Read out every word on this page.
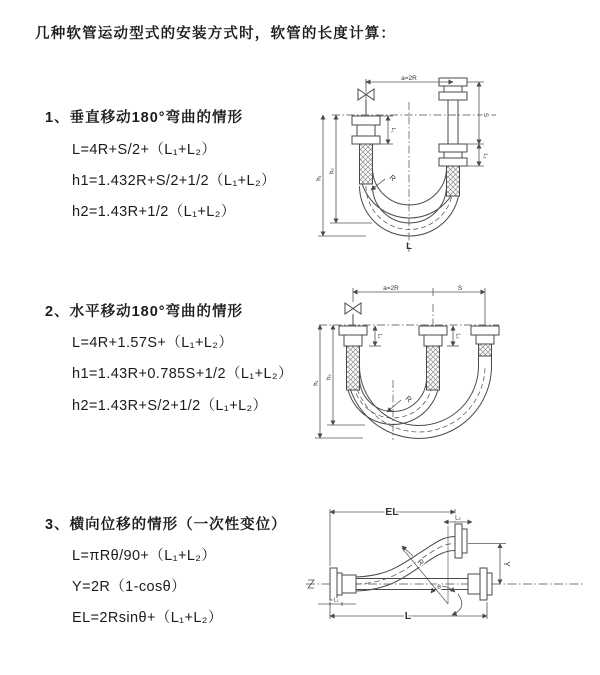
几种软管运动型式的安装方式时，软管的长度计算：
1、垂直移动180°弯曲的情形
L=4R+S/2+（L₁+L₂）
h1=1.432R+S/2+1/2（L₁+L₂）
h2=1.43R+1/2（L₁+L₂）
2、水平移动180°弯曲的情形
L=4R+1.57S+（L₁+L₂）
h1=1.43R+0.785S+1/2（L₁+L₂）
h2=1.43R+S/2+1/2（L₁+L₂）
3、横向位移的情形（一次性变位）
L=πRθ/90+（L₁+L₂）
Y=2R（1-cosθ）
EL=2Rsinθ+（L₁+L₂）
a=2R
S
L₂
L₁
h₁
h₂
R
L
a=2R	S
h₁
h₂
L₁	L₂
R
EL
L₂
Y
L
L₁
R
θ
